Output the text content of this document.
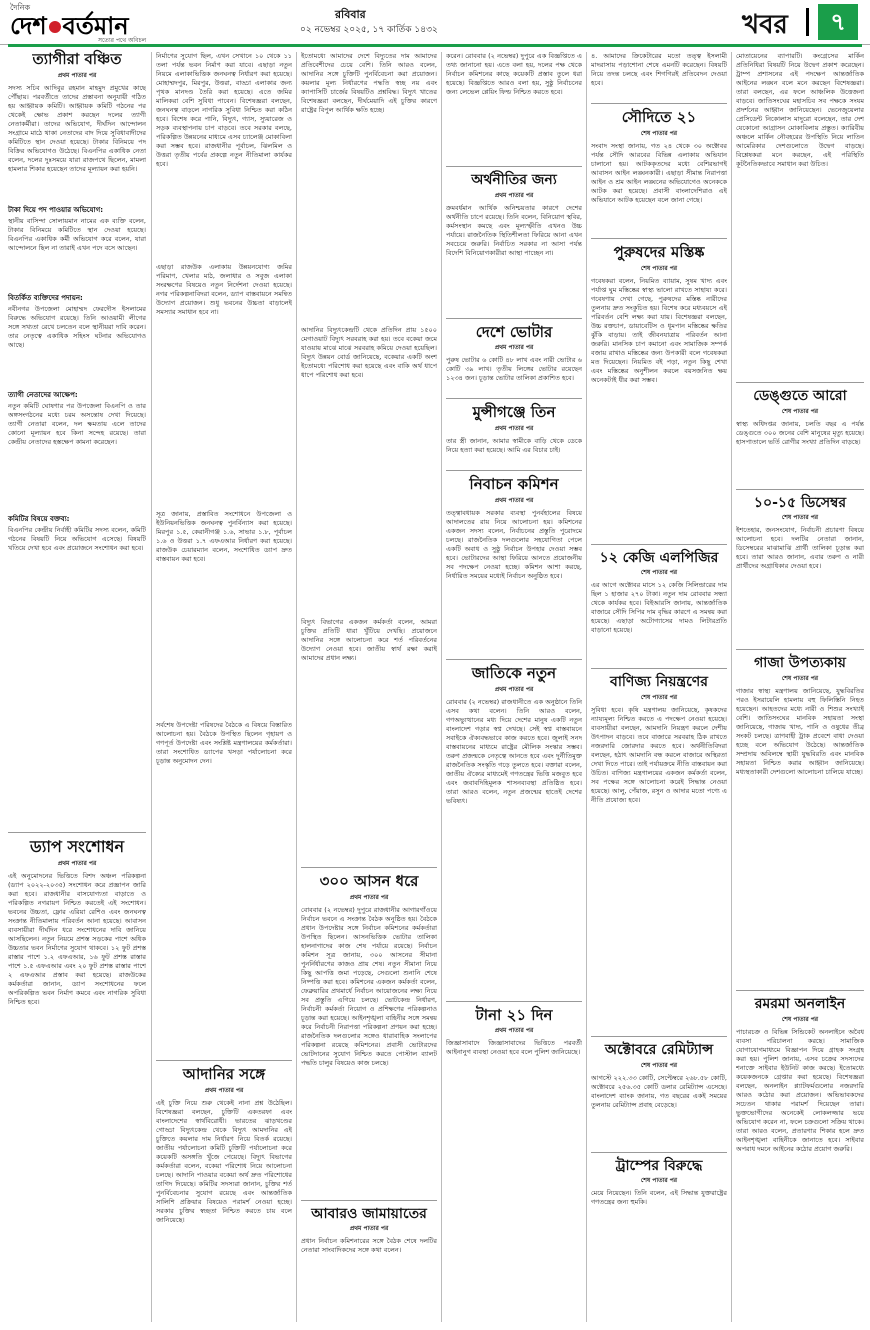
দৈনিক
দেশ বর্তমান
সত্যের পথে অবিচল
রবিবার
০২ নভেম্বর ২০২৫, ১৭ কার্তিক ১৪৩২	খবর	৭
ত্যাগীরা বঞ্চিত
প্রথম পাতার পর
সদস্য সচিব আদিবুর রহমান মাহমুদ প্রমুখের কাছে পৌঁছায়। পরবর্তীতে তাদের প্রস্তাবনা অনুযায়ী গঠিত হয় আহ্বায়ক কমিটি। আহ্বায়ক কমিটি গঠনের পর থেকেই ক্ষোভ প্রকাশ করছেন দলের ত্যাগী নেতাকর্মীরা। তাদের অভিযোগ, দীর্ঘদিন আন্দোলন সংগ্রামে মাঠে থাকা নেতাদের বাদ দিয়ে সুবিধাবাদীদের কমিটিতে স্থান দেওয়া হয়েছে। টাকার বিনিময়ে পদ বিক্রির অভিযোগও উঠেছে। বিএনপির একাধিক নেতা বলেন, দলের দুঃসময়ে যারা রাজপথে ছিলেন, মামলা হামলার শিকার হয়েছেন তাদের মূল্যায়ন করা হয়নি।
টাকা দিয়ে পদ পাওয়ার অভিযোগ:
স্থানীয় বাসিন্দা সোলায়মান নামের এক ব্যক্তি বলেন, টাকার বিনিময়ে কমিটিতে স্থান দেওয়া হয়েছে। বিএনপির একাধিক কর্মী অভিযোগ করে বলেন, যারা আন্দোলনে ছিল না তারাই এখন পদে বসে আছেন।
বিতর্কিত ব্যক্তিদের পদায়ন:
নবীনগর উপজেলা মোহাম্মদ ফেরদৌস ইসলামের বিরুদ্ধে অভিযোগ রয়েছে। তিনি আওয়ামী লীগের সঙ্গে সখ্যতা রেখে চলতেন বলে স্থানীয়রা দাবি করেন। তার নেতৃত্বে একাধিক সহিংস ঘটনার অভিযোগও আছে।
ত্যাগী নেতাদের আক্ষেপ:
নতুন কমিটি ঘোষণার পর উপজেলা বিএনপি ও তার অঙ্গসংগঠনের মধ্যে চরম অসন্তোষ দেখা দিয়েছে। ত্যাগী নেতারা বলেন, দল ক্ষমতায় এলে তাদের কোনো মূল্যায়ন হবে কিনা সন্দেহ রয়েছে। তারা কেন্দ্রীয় নেতাদের হস্তক্ষেপ কামনা করেছেন।
কমিটির বিষয়ে বক্তব্য:
বিএনপির কেন্দ্রীয় নির্বাহী কমিটির সদস্য বলেন, কমিটি গঠনের বিষয়টি নিয়ে অভিযোগ এসেছে। বিষয়টি খতিয়ে দেখা হবে এবং প্রয়োজনে সংশোধন করা হবে।
ড্যাপ সংশোধন
প্রথম পাতার পর
এই অনুমোদনের ভিত্তিতে বিশদ অঞ্চল পরিকল্পনা (ড্যাপ ২০২২-২০৩৫) সংশোধন করে প্রজ্ঞাপন জারি করা হবে। রাজধানীর বাসযোগ্যতা বাড়াতে ও পরিকল্পিত নগরায়ণ নিশ্চিত করতেই এই সংশোধন। ভবনের উচ্চতা, ফ্লোর এরিয়া রেশিও এবং জনঘনত্ব সংক্রান্ত নীতিমালায় পরিবর্তন আনা হয়েছে। আবাসন ব্যবসায়ীরা দীর্ঘদিন ধরে সংশোধনের দাবি জানিয়ে আসছিলেন। নতুন নিয়মে প্রশস্ত সড়কের পাশে অধিক উচ্চতার ভবন নির্মাণের সুযোগ থাকবে। ১২ ফুট প্রশস্ত রাস্তার পাশে ১.২ এফএআর, ১৬ ফুট প্রশস্ত রাস্তার পাশে ১.৫ এফএআর এবং ২০ ফুট প্রশস্ত রাস্তার পাশে ২ এফএআর প্রস্তাব করা হয়েছে। রাজউকের কর্মকর্তারা জানান, ড্যাপ সংশোধনের ফলে অপরিকল্পিত ভবন নির্মাণ কমবে এবং নাগরিক সুবিধা নিশ্চিত হবে।
নির্মাণের সুযোগ ছিল, এখন সেখানে ১০ থেকে ১১ তলা পর্যন্ত ভবন নির্মাণ করা যাবে। এছাড়া নতুন নিয়মে এলাকাভিত্তিক জনঘনত্ব নির্ধারণ করা হয়েছে। মোহাম্মদপুর, মিরপুর, উত্তরা, বাড্ডা এলাকার জন্য পৃথক মানদণ্ড তৈরি করা হয়েছে। এতে জমির মালিকরা বেশি সুবিধা পাবেন। বিশেষজ্ঞরা বলছেন, জনঘনত্ব বাড়লে নাগরিক সুবিধা নিশ্চিত করা কঠিন হবে। বিশেষ করে পানি, বিদ্যুৎ, গ্যাস, স্যুয়ারেজ ও সড়ক ব্যবস্থাপনায় চাপ বাড়বে। তবে সরকার বলছে, পরিকল্পিত উন্নয়নের মাধ্যমে এসব চ্যালেঞ্জ মোকাবিলা করা সম্ভব হবে। রাজধানীর পূর্বাচল, ঝিলমিল ও উত্তরা তৃতীয় পর্বের প্রকল্পে নতুন নীতিমালা কার্যকর হবে।
এছাড়া রাজউক এলাকায় উন্নয়নযোগ্য জমির পরিমাণ, খেলার মাঠ, জলাধার ও সবুজ এলাকা সংরক্ষণের বিষয়েও নতুন নির্দেশনা দেওয়া হয়েছে। নগর পরিকল্পনাবিদরা বলেন, ড্যাপ বাস্তবায়নে সমন্বিত উদ্যোগ প্রয়োজন। শুধু ভবনের উচ্চতা বাড়ালেই সমস্যার সমাধান হবে না।
সূত্র জানায়, প্রস্তাবিত সংশোধনে উপজেলা ও ইউনিয়নভিত্তিক জনঘনত্ব পুনর্বিন্যাস করা হয়েছে। মিরপুর ১.৫, কেরানীগঞ্জ ১.৬, সাভার ১.৮, পূর্বাচল ১.৬ ও উত্তরা ১.৭ এফএআর নির্ধারণ করা হয়েছে। রাজউক চেয়ারম্যান বলেন, সংশোধিত ড্যাপ দ্রুত বাস্তবায়ন করা হবে।
সর্বশেষ উপদেষ্টা পরিষদের বৈঠকে এ বিষয়ে বিস্তারিত আলোচনা হয়। বৈঠকে উপস্থিত ছিলেন গৃহায়ণ ও গণপূর্ত উপদেষ্টা এবং সংশ্লিষ্ট মন্ত্রণালয়ের কর্মকর্তারা। তারা সংশোধিত ড্যাপের খসড়া পর্যালোচনা করে চূড়ান্ত অনুমোদন দেন।
আদানির সঙ্গে
প্রথম পাতার পর
এই চুক্তি নিয়ে শুরু থেকেই নানা প্রশ্ন উঠেছিল। বিশেষজ্ঞরা বলছেন, চুক্তিটি একতরফা এবং বাংলাদেশের স্বার্থবিরোধী। ভারতের ঝাড়খণ্ডের গোড্ডা বিদ্যুৎকেন্দ্র থেকে বিদ্যুৎ আমদানির এই চুক্তিতে কয়লার দাম নির্ধারণ নিয়ে বিতর্ক রয়েছে। জাতীয় পর্যালোচনা কমিটি চুক্তিটি পর্যালোচনা করে কয়েকটি অসঙ্গতি খুঁজে পেয়েছে। বিদ্যুৎ বিভাগের কর্মকর্তারা বলেন, বকেয়া পরিশোধ নিয়ে আলোচনা চলছে। আদানি পাওয়ার বকেয়া অর্থ দ্রুত পরিশোধের তাগিদ দিয়েছে। কমিটির সদস্যরা জানান, চুক্তির শর্ত পুনর্বিবেচনার সুযোগ রয়েছে এবং আন্তর্জাতিক সালিশি প্রক্রিয়ার বিষয়েও পরামর্শ নেওয়া হচ্ছে। সরকার চুক্তির স্বচ্ছতা নিশ্চিত করতে চায় বলে জানিয়েছে।
ইতোমধ্যে আমাদের দেশে বিদ্যুতের দাম আমাদের প্রতিবেশীদের চেয়ে বেশি। তিনি আরও বলেন, আদানির সঙ্গে চুক্তিটি পুনর্বিবেচনা করা প্রয়োজন। কয়লার মূল্য নির্ধারণের পদ্ধতি স্বচ্ছ নয় এবং ক্যাপাসিটি চার্জের বিষয়টিও প্রশ্নবিদ্ধ। বিদ্যুৎ খাতের বিশেষজ্ঞরা বলছেন, দীর্ঘমেয়াদি এই চুক্তির কারণে রাষ্ট্রের বিপুল আর্থিক ক্ষতি হচ্ছে।
আদানির বিদ্যুৎকেন্দ্রটি থেকে প্রতিদিন প্রায় ১৫০০ মেগাওয়াট বিদ্যুৎ সরবরাহ করা হয়। তবে বকেয়া জমে যাওয়ায় মাঝে মাঝে সরবরাহ কমিয়ে দেওয়া হয়েছিল। বিদ্যুৎ উন্নয়ন বোর্ড জানিয়েছে, বকেয়ার একটি অংশ ইতোমধ্যে পরিশোধ করা হয়েছে এবং বাকি অর্থ ধাপে ধাপে পরিশোধ করা হবে।
বিদ্যুৎ বিভাগের একজন কর্মকর্তা বলেন, আমরা চুক্তির প্রতিটি ধারা খুঁটিয়ে দেখছি। প্রয়োজনে আদানির সঙ্গে আলোচনা করে শর্ত পরিবর্তনের উদ্যোগ নেওয়া হবে। জাতীয় স্বার্থ রক্ষা করাই আমাদের প্রধান লক্ষ্য।
৩০০ আসন ধরে
প্রথম পাতার পর
বোববার (২ নভেম্বর) দুপুরে রাজধানীর আগারগাঁওয়ে নির্বাচন ভবনে এ সংক্রান্ত বৈঠক অনুষ্ঠিত হয়। বৈঠকে প্রধান উপদেষ্টার সঙ্গে নির্বাচন কমিশনের কর্মকর্তারা উপস্থিত ছিলেন। আসনভিত্তিক ভোটার তালিকা হালনাগাদের কাজ শেষ পর্যায়ে রয়েছে। নির্বাচন কমিশন সূত্র জানায়, ৩০০ আসনের সীমানা পুনর্নির্ধারণের কাজও প্রায় শেষ। নতুন সীমানা নিয়ে কিছু আপত্তি জমা পড়েছে, সেগুলো শুনানি শেষে নিষ্পত্তি করা হবে। কমিশনের একজন কর্মকর্তা বলেন, ফেব্রুয়ারির প্রথমার্ধে নির্বাচন আয়োজনের লক্ষ্য নিয়ে সব প্রস্তুতি এগিয়ে চলছে। ভোটকেন্দ্র নির্ধারণ, নির্বাচনী কর্মকর্তা নিয়োগ ও প্রশিক্ষণের পরিকল্পনাও চূড়ান্ত করা হয়েছে। আইনশৃঙ্খলা বাহিনীর সঙ্গে সমন্বয় করে নির্বাচনী নিরাপত্তা পরিকল্পনা প্রণয়ন করা হচ্ছে। রাজনৈতিক দলগুলোর সঙ্গেও ধারাবাহিক সংলাপের পরিকল্পনা রয়েছে কমিশনের। প্রবাসী ভোটারদের ভোটদানের সুযোগ নিশ্চিত করতে পোস্টাল ব্যালট পদ্ধতি চালুর বিষয়েও কাজ চলছে।
আবারও জামায়াতের
প্রথম পাতার পর
প্রধান নির্বাচন কমিশনারের সঙ্গে বৈঠক শেষে দলটির নেতারা সাংবাদিকদের সঙ্গে কথা বলেন।
করেন। রোববার (২ নভেম্বর) দুপুরে এক বিজ্ঞপ্তিতে এ তথ্য জানানো হয়। এতে বলা হয়, দলের পক্ষ থেকে নির্বাচন কমিশনের কাছে কয়েকটি প্রস্তাব তুলে ধরা হয়েছে। বিজ্ঞপ্তিতে আরও বলা হয়, সুষ্ঠু নির্বাচনের জন্য লেভেল প্লেয়িং ফিল্ড নিশ্চিত করতে হবে।
অর্থনীতির জন্য
প্রথম পাতার পর
ক্রমবর্ধমান আর্থিক অনিশ্চয়তার কারণে দেশের অর্থনীতি চাপে রয়েছে। তিনি বলেন, বিনিয়োগ স্থবির, কর্মসংস্থান কমছে এবং মূল্যস্ফীতি এখনও উচ্চ পর্যায়ে। রাজনৈতিক স্থিতিশীলতা ফিরিয়ে আনা এখন সবচেয়ে জরুরি। নির্বাচিত সরকার না আসা পর্যন্ত বিদেশি বিনিয়োগকারীরা আস্থা পাচ্ছেন না।
দেশে ভোটার
প্রথম পাতার পর
পুরুষ ভোটার ৬ কোটি ৪৮ লাখ এবং নারী ভোটার ৬ কোটি ৩৯ লাখ। তৃতীয় লিঙ্গের ভোটার রয়েছেন ১২৩৪ জন। চূড়ান্ত ভোটার তালিকা প্রকাশিত হবে।
মুন্সীগঞ্জে তিন
প্রথম পাতার পর
তার স্ত্রী জানান, আমার স্বামীকে বাড়ি থেকে ডেকে নিয়ে হত্যা করা হয়েছে। আমি এর বিচার চাই।
নিবাচন কমিশন
প্রথম পাতার পর
তত্ত্বাবধায়ক সরকার ব্যবস্থা পুনর্বহালের বিষয়ে আদালতের রায় নিয়ে আলোচনা হয়। কমিশনের একজন সদস্য বলেন, নির্বাচনের প্রস্তুতি পুরোদমে চলছে। রাজনৈতিক দলগুলোর সহযোগিতা পেলে একটি অবাধ ও সুষ্ঠু নির্বাচন উপহার দেওয়া সম্ভব হবে। ভোটারদের আস্থা ফিরিয়ে আনতে প্রয়োজনীয় সব পদক্ষেপ নেওয়া হচ্ছে। কমিশন আশা করছে, নির্ধারিত সময়ের মধ্যেই নির্বাচন অনুষ্ঠিত হবে।
জাতিকে নতুন
প্রথম পাতার পর
রোববার (২ নভেম্বর) রাজধানীতে এক অনুষ্ঠানে তিনি এসব কথা বলেন। তিনি আরও বলেন, গণঅভ্যুত্থানের মধ্য দিয়ে দেশের মানুষ একটি নতুন বাংলাদেশ গড়ার স্বপ্ন দেখছে। সেই স্বপ্ন বাস্তবায়নে সবাইকে ঐক্যবদ্ধভাবে কাজ করতে হবে। জুলাই সনদ বাস্তবায়নের মাধ্যমে রাষ্ট্রের মৌলিক সংস্কার সম্ভব। তরুণ প্রজন্মকে নেতৃত্বে আনতে হবে এবং দুর্নীতিমুক্ত রাজনৈতিক সংস্কৃতি গড়ে তুলতে হবে। বক্তারা বলেন, জাতীয় ঐক্যের মাধ্যমেই গণতন্ত্রের ভিত্তি মজবুত হবে এবং জবাবদিহিমূলক শাসনব্যবস্থা প্রতিষ্ঠিত হবে। তারা আরও বলেন, নতুন প্রজন্মের হাতেই দেশের ভবিষ্যৎ।
টানা ২১ দিন
প্রথম পাতার পর
জিজ্ঞাসাবাদে জিজ্ঞাসাবাদের ভিত্তিতে পরবর্তী আইনানুগ ব্যবস্থা নেওয়া হবে বলে পুলিশ জানিয়েছে।
৪. আমাদের ক্রিকেটারের মতো তত্ত্ব ইসলামী মাদরাসায় পড়াশোনা শেষে এমনটি করেছেন। বিষয়টি নিয়ে তদন্ত চলছে এবং শিগগিরই প্রতিবেদন দেওয়া হবে।
সৌদিতে ২১
শেষ পাতার পর
সংবাদ সংস্থা জানায়, গত ২৪ থেকে ৩০ অক্টোবর পর্যন্ত সৌদি আরবের বিভিন্ন এলাকায় অভিযান চালানো হয়। আটককৃতদের মধ্যে বেশিরভাগই আবাসন আইন লঙ্ঘনকারী। এছাড়া সীমান্ত নিরাপত্তা আইন ও শ্রম আইন লঙ্ঘনের অভিযোগেও অনেককে আটক করা হয়েছে। প্রবাসী বাংলাদেশিরাও এই অভিযানে আটক হয়েছেন বলে জানা গেছে।
পুরুষদের মস্তিষ্ক
শেষ পাতার পর
গবেষকরা বলেন, নিয়মিত ব্যায়াম, সুষম খাদ্য এবং পর্যাপ্ত ঘুম মস্তিষ্কের স্বাস্থ্য ভালো রাখতে সাহায্য করে। গবেষণায় দেখা গেছে, পুরুষদের মস্তিষ্ক নারীদের তুলনায় দ্রুত সংকুচিত হয়। বিশেষ করে মধ্যবয়সে এই পরিবর্তন বেশি লক্ষ্য করা যায়। বিশেষজ্ঞরা বলছেন, উচ্চ রক্তচাপ, ডায়াবেটিস ও ধূমপান মস্তিষ্কের ক্ষতির ঝুঁকি বাড়ায়। তাই জীবনযাত্রায় পরিবর্তন আনা জরুরি। মানসিক চাপ কমানো এবং সামাজিক সম্পর্ক বজায় রাখাও মস্তিষ্কের জন্য উপকারী বলে গবেষকরা মত দিয়েছেন। নিয়মিত বই পড়া, নতুন কিছু শেখা এবং মস্তিষ্কের অনুশীলন করলে বয়সজনিত ক্ষয় অনেকটাই ধীর করা সম্ভব।
১২ কেজি এলপিজির
শেষ পাতার পর
এর আগে অক্টোবর মাসে ১২ কেজি সিলিন্ডারের দাম ছিল ১ হাজার ২৭০ টাকা। নতুন দাম রোববার সন্ধ্যা থেকে কার্যকর হবে। বিইআরসি জানায়, আন্তর্জাতিক বাজারে সৌদি সিপির দাম বৃদ্ধির কারণে এ সমন্বয় করা হয়েছে। এছাড়া অটোগ্যাসের দামও লিটারপ্রতি বাড়ানো হয়েছে।
বাণিজ্য নিয়ন্ত্রণের
শেষ পাতার পর
সুবিধা হবে। কৃষি মন্ত্রণালয় জানিয়েছে, কৃষকদের ন্যায্যমূল্য নিশ্চিত করতে এ পদক্ষেপ নেওয়া হয়েছে। ব্যবসায়ীরা বলছেন, আমদানি নিয়ন্ত্রণ করলে দেশীয় উৎপাদন বাড়বে। তবে বাজারে সরবরাহ ঠিক রাখতে নজরদারি জোরদার করতে হবে। অর্থনীতিবিদরা বলছেন, হঠাৎ আমদানি বন্ধ করলে বাজারে অস্থিরতা দেখা দিতে পারে। তাই পর্যায়ক্রমে নীতি বাস্তবায়ন করা উচিত। বাণিজ্য মন্ত্রণালয়ের একজন কর্মকর্তা বলেন, সব পক্ষের সঙ্গে আলোচনা করেই সিদ্ধান্ত নেওয়া হয়েছে। আলু, পেঁয়াজ, রসুন ও আদার মতো পণ্যে এ নীতি প্রযোজ্য হবে।
অক্টোবরে রেমিট্যান্স
শেষ পাতার পর
আগস্টে ২২২.৩৩ কোটি, সেপ্টেম্বরে ২৬৮.৫৮ কোটি, অক্টোবরে ২৫৬.৩৫ কোটি ডলার রেমিট্যান্স এসেছে। বাংলাদেশ ব্যাংক জানায়, গত বছরের একই সময়ের তুলনায় রেমিট্যান্স প্রবাহ বেড়েছে।
ট্রাম্পের বিরুদ্ধে
শেষ পাতার পর
মেয়ে নিয়েছেন। তিনি বলেন, এই সিদ্ধান্ত যুক্তরাষ্ট্রের গণতন্ত্রের জন্য হুমকি।
মোতায়েনের ব্যাপারটি। কংগ্রেসের মার্কিন প্রতিনিধিরা বিষয়টি নিয়ে উদ্বেগ প্রকাশ করেছেন। ট্রাম্প প্রশাসনের এই পদক্ষেপ আন্তর্জাতিক আইনের লঙ্ঘন বলে মনে করছেন বিশেষজ্ঞরা। তারা বলছেন, এর ফলে আঞ্চলিক উত্তেজনা বাড়বে। জাতিসংঘের মহাসচিব সব পক্ষকে সংযম প্রদর্শনের আহ্বান জানিয়েছেন। ভেনেজুয়েলার প্রেসিডেন্ট নিকোলাস মাদুরো বলেছেন, তার দেশ যেকোনো আগ্রাসন মোকাবিলায় প্রস্তুত। ক্যারিবীয় অঞ্চলে মার্কিন নৌবহরের উপস্থিতি নিয়ে লাতিন আমেরিকার দেশগুলোতে উদ্বেগ বাড়ছে। বিশ্লেষকরা মনে করছেন, এই পরিস্থিতি কূটনৈতিকভাবে সমাধান করা উচিত।
ডেঙ্গুতে আরো
শেষ পাতার পর
স্বাস্থ্য অধিদপ্তর জানায়, চলতি বছর এ পর্যন্ত ডেঙ্গুতে ৩০০ জনের বেশি মানুষের মৃত্যু হয়েছে। হাসপাতালে ভর্তি রোগীর সংখ্যা প্রতিদিন বাড়ছে।
১০-১৫ ডিসেম্বর
শেষ পাতার পর
ইশতেহার, জনসংযোগ, নির্বাচনী প্রচারণা বিষয়ে আলোচনা হবে। দলটির নেতারা জানান, ডিসেম্বরের মাঝামাঝি প্রার্থী তালিকা চূড়ান্ত করা হবে। তারা আরও জানান, এবার তরুণ ও নারী প্রার্থীদের অগ্রাধিকার দেওয়া হবে।
গাজা উপত্যকায়
শেষ পাতার পর
গাজার স্বাস্থ্য মন্ত্রণালয় জানিয়েছে, যুদ্ধবিরতির পরও ইসরায়েলি হামলায় বহু ফিলিস্তিনি নিহত হয়েছেন। আহতদের মধ্যে নারী ও শিশুর সংখ্যাই বেশি। জাতিসংঘের মানবিক সহায়তা সংস্থা জানিয়েছে, গাজায় খাদ্য, পানি ও ওষুধের তীব্র সংকট চলছে। ত্রাণবাহী ট্রাক প্রবেশে বাধা দেওয়া হচ্ছে বলে অভিযোগ উঠেছে। আন্তর্জাতিক সম্প্রদায় অবিলম্বে স্থায়ী যুদ্ধবিরতি এবং মানবিক সহায়তা নিশ্চিত করার আহ্বান জানিয়েছে। মধ্যস্থতাকারী দেশগুলো আলোচনা চালিয়ে যাচ্ছে।
রমরমা অনলাইন
শেষ পাতার পর
পাচারচক্র ও বিভিন্ন সিন্ডিকেট অনলাইনে অবৈধ ব্যবসা পরিচালনা করছে। সামাজিক যোগাযোগমাধ্যমে বিজ্ঞাপন দিয়ে গ্রাহক সংগ্রহ করা হয়। পুলিশ জানায়, এসব চক্রের সদস্যদের শনাক্তে সাইবার ইউনিট কাজ করছে। ইতোমধ্যে কয়েকজনকে গ্রেপ্তার করা হয়েছে। বিশেষজ্ঞরা বলছেন, অনলাইন প্ল্যাটফর্মগুলোর নজরদারি আরও কঠোর করা প্রয়োজন। অভিভাবকদের সচেতন থাকার পরামর্শ দিয়েছেন তারা। ভুক্তভোগীদের অনেকেই লোকলজ্জার ভয়ে অভিযোগ করেন না, ফলে চক্রগুলো সক্রিয় থাকে। তারা আরও বলেন, প্রতারণার শিকার হলে দ্রুত আইনশৃঙ্খলা বাহিনীকে জানাতে হবে। সাইবার অপরাধ দমনে আইনের কঠোর প্রয়োগ জরুরি।
